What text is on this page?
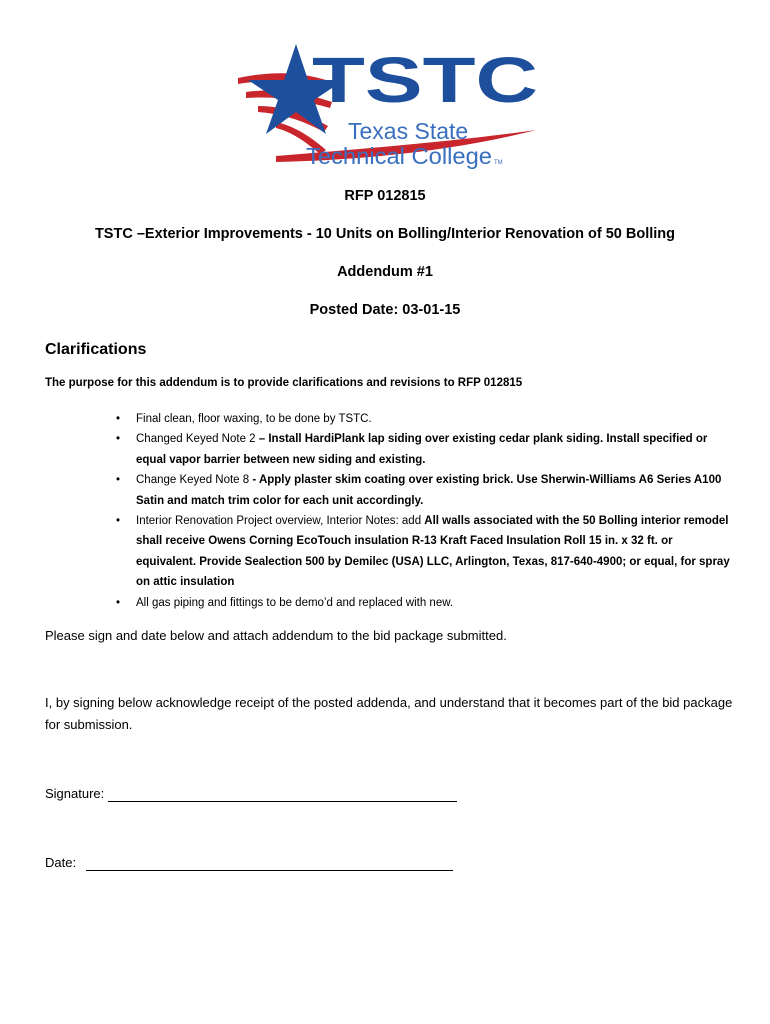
TSTC
Texas State
Technical College TM
RFP 012815
TSTC –Exterior Improvements - 10 Units on Bolling/Interior Renovation of 50 Bolling
Addendum #1
Posted Date: 03-01-15
Clarifications
The purpose for this addendum is to provide clarifications and revisions to RFP 012815
• Final clean, floor waxing, to be done by TSTC.
• Changed Keyed Note 2 – Install HardiPlank lap siding over existing cedar plank siding. Install specified or equal vapor barrier between new siding and existing.
• Change Keyed Note 8 - Apply plaster skim coating over existing brick. Use Sherwin-Williams A6 Series A100 Satin and match trim color for each unit accordingly.
• Interior Renovation Project overview, Interior Notes: add All walls associated with the 50 Bolling interior remodel shall receive Owens Corning EcoTouch insulation R-13 Kraft Faced Insulation Roll 15 in. x 32 ft. or equivalent. Provide Sealection 500 by Demilec (USA) LLC, Arlington, Texas, 817-640-4900; or equal, for spray on attic insulation
• All gas piping and fittings to be demo’d and replaced with new.
Please sign and date below and attach addendum to the bid package submitted.
I, by signing below acknowledge receipt of the posted addenda, and understand that it becomes part of the bid package for submission.
Signature:
Date:
